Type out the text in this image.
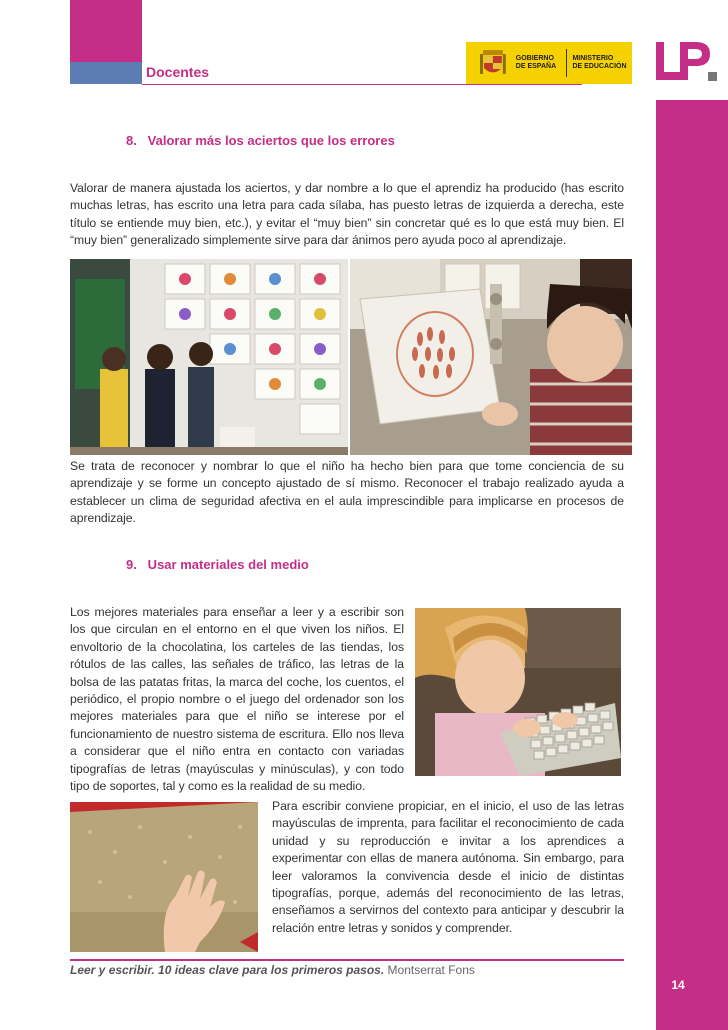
Docentes
GOBIERNO
DE ESPAÑA
MINISTERIO
DE EDUCACIÓN
14
8.   Valorar más los aciertos que los errores
Valorar de manera ajustada los aciertos, y dar nombre a lo que el aprendiz ha producido (has escrito muchas letras, has escrito una letra para cada sílaba, has puesto letras de izquierda a derecha, este título se entiende muy bien, etc.), y evitar el “muy bien” sin concretar qué es lo que está muy bien. El “muy bien” generalizado simplemente sirve para dar ánimos pero ayuda poco al aprendizaje.
Se trata de reconocer y nombrar lo que el niño ha hecho bien para que tome conciencia de su aprendizaje y se forme un concepto ajustado de sí mismo. Reconocer el trabajo realizado ayuda a establecer un clima de seguridad afectiva en el aula imprescindible para implicarse en procesos de aprendizaje.
9.   Usar materiales del medio
Los mejores materiales para enseñar a leer y a escribir son los que circulan en el entorno en el que viven los niños. El envoltorio de la chocolatina, los carteles de las tiendas, los rótulos de las calles, las señales de tráfico, las letras de la bolsa de las patatas fritas, la marca del coche, los cuentos, el periódico, el propio nombre o el juego del ordenador son los mejores materiales para que el niño se interese por el funcionamiento de nuestro sistema de escritura. Ello nos lleva a considerar que el niño entra en contacto con variadas tipografías de letras (mayúsculas y minúsculas), y con todo tipo de soportes, tal y como es la realidad de su medio.
Para escribir conviene propiciar, en el inicio, el uso de las letras mayúsculas de imprenta, para facilitar el reconocimiento de cada unidad y su reproducción e invitar a los aprendices a experimentar con ellas de manera autónoma. Sin embargo, para leer valoramos la convivencia desde el inicio de distintas tipografías, porque, además del reconocimiento de las letras, enseñamos a servirnos del contexto para anticipar y descubrir la relación entre letras y sonidos y comprender.
Leer y escribir. 10 ideas clave para los primeros pasos. Montserrat Fons
